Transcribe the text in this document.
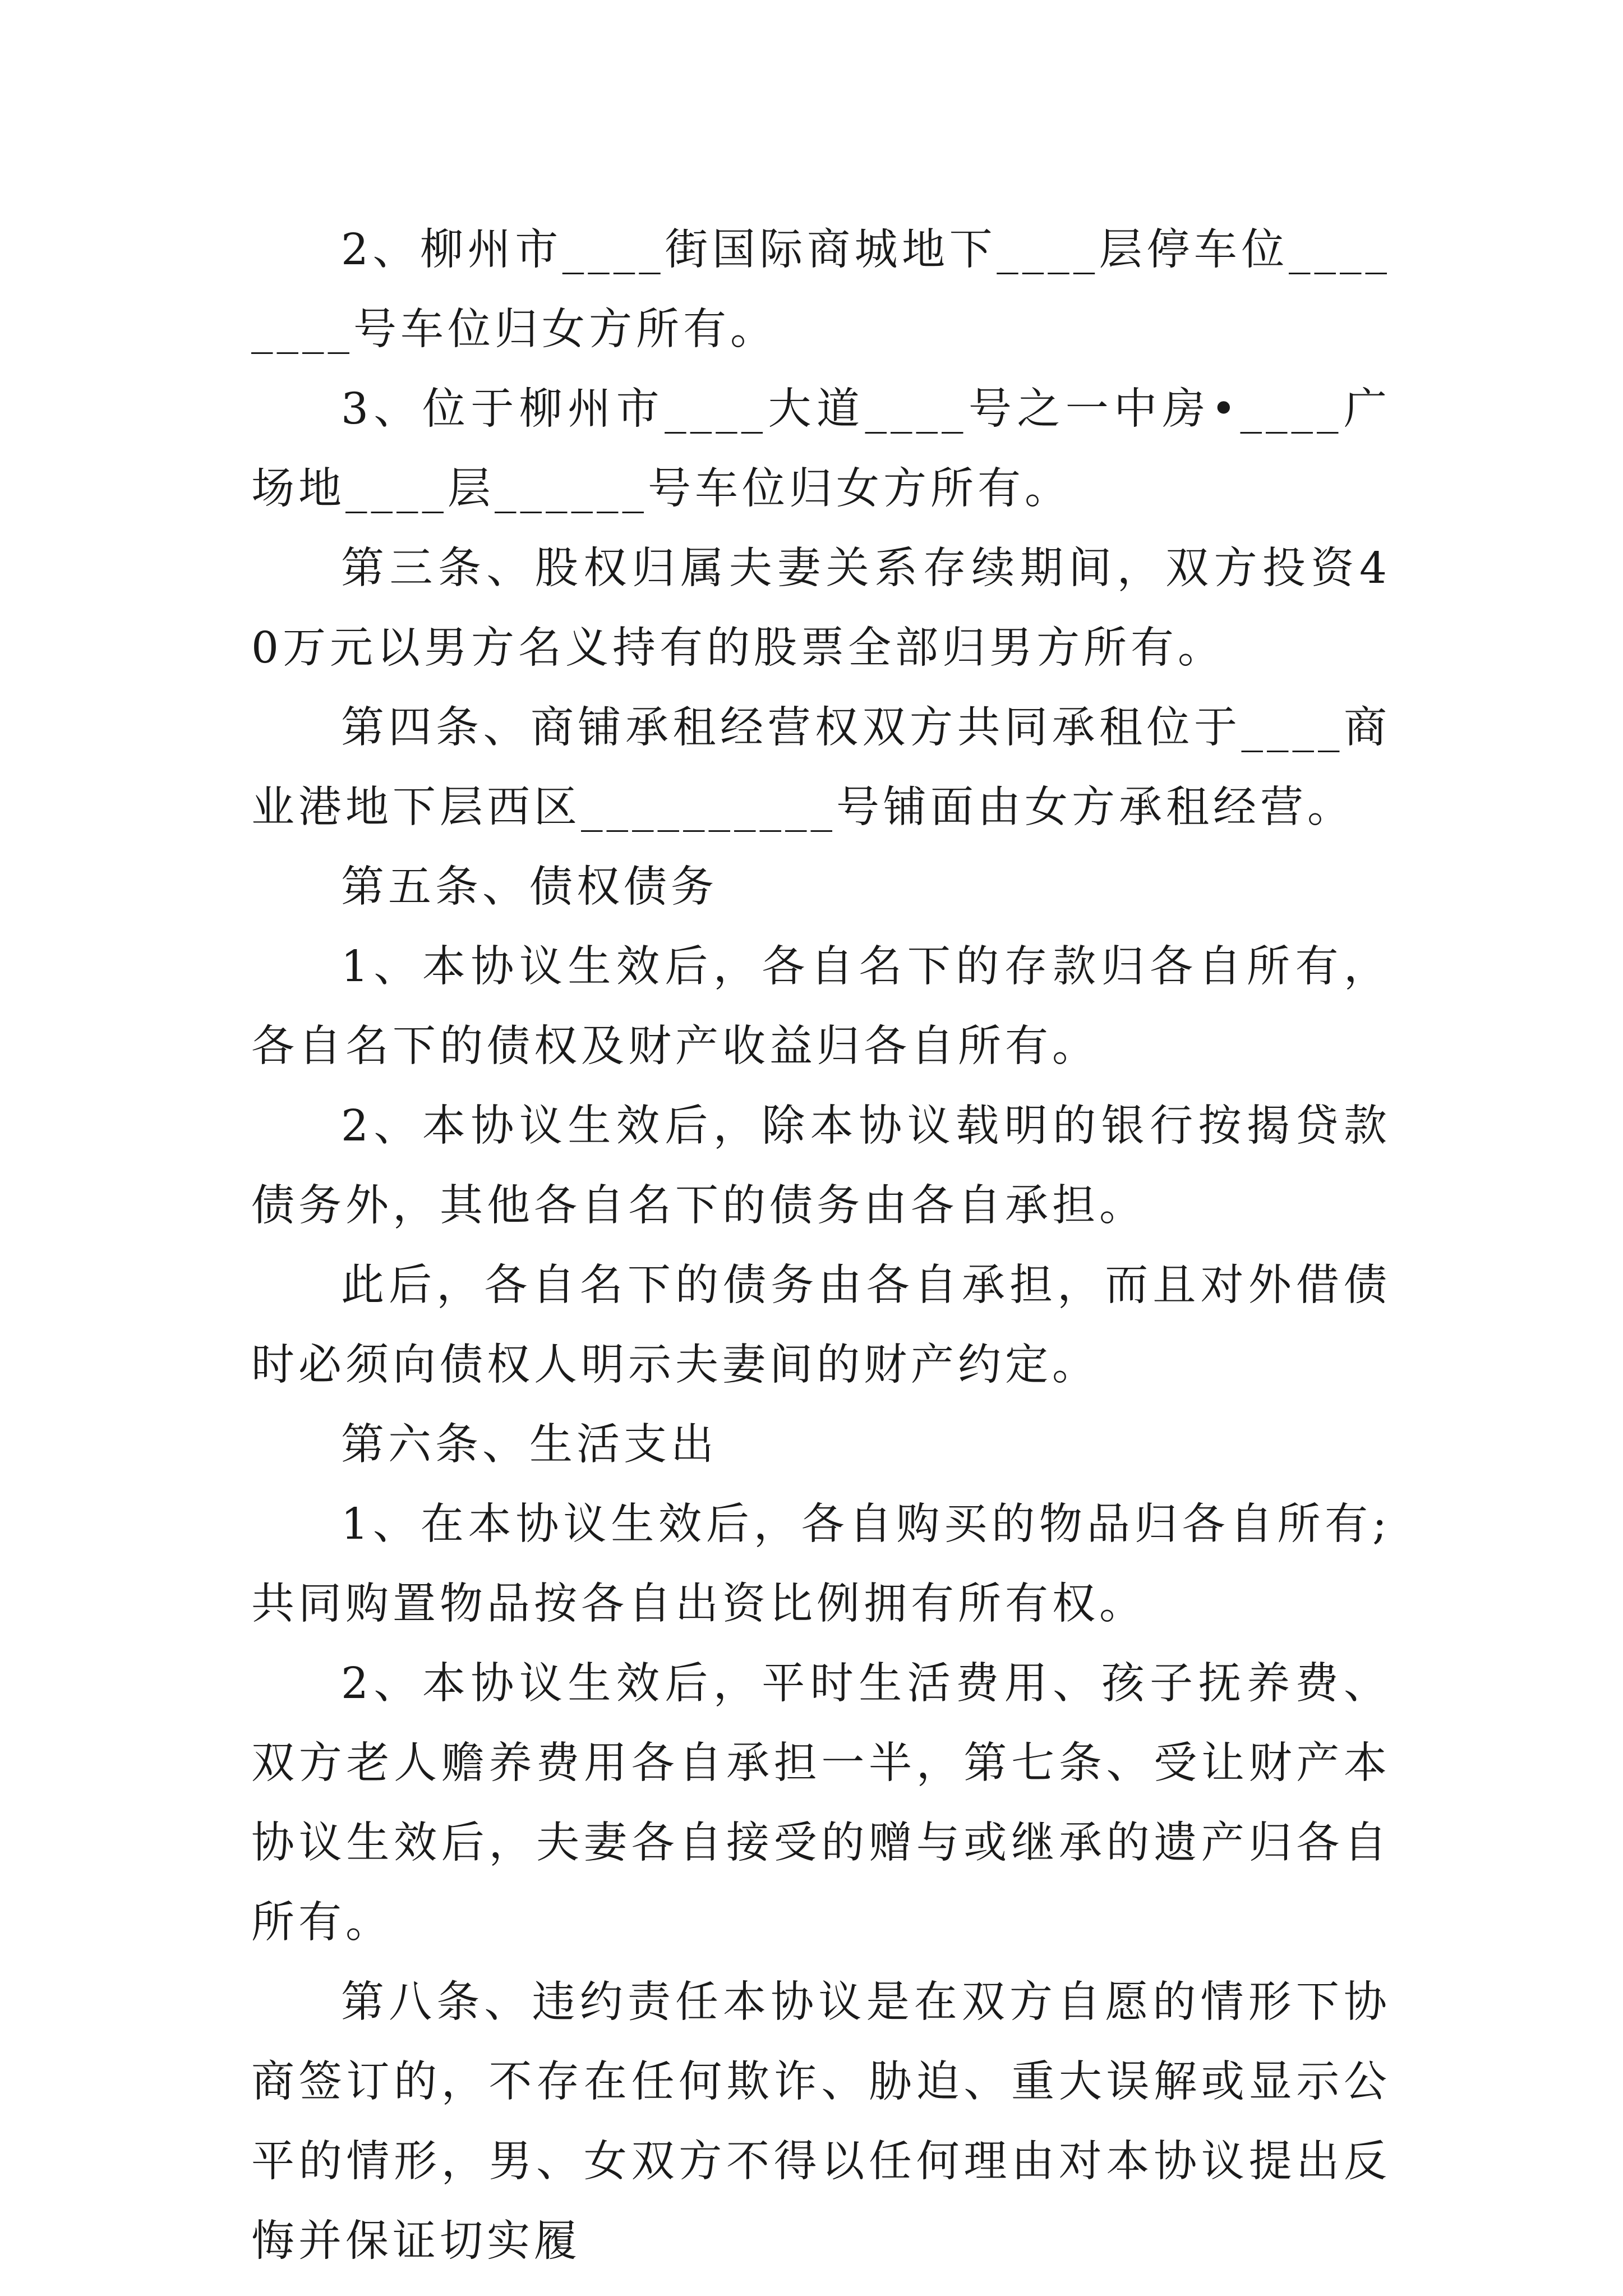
2、柳州市____街国际商城地下____层停车位________号车位归女方所有。

3、位于柳州市____大道____号之一中房•____广场地____层______号车位归女方所有。

第三条、股权归属夫妻关系存续期间，双方投资40万元以男方名义持有的股票全部归男方所有。

第四条、商铺承租经营权双方共同承租位于____商业港地下层西区__________号铺面由女方承租经营。

第五条、债权债务

1、本协议生效后，各自名下的存款归各自所有，各自名下的债权及财产收益归各自所有。

2、本协议生效后，除本协议载明的银行按揭贷款债务外，其他各自名下的债务由各自承担。

此后，各自名下的债务由各自承担，而且对外借债时必须向债权人明示夫妻间的财产约定。

第六条、生活支出

1、在本协议生效后，各自购买的物品归各自所有;共同购置物品按各自出资比例拥有所有权。

2、本协议生效后，平时生活费用、孩子抚养费、双方老人赡养费用各自承担一半，第七条、受让财产本协议生效后，夫妻各自接受的赠与或继承的遗产归各自所有。

第八条、违约责任本协议是在双方自愿的情形下协商签订的，不存在任何欺诈、胁迫、重大误解或显示公平的情形，男、女双方不得以任何理由对本协议提出反悔并保证切实履
